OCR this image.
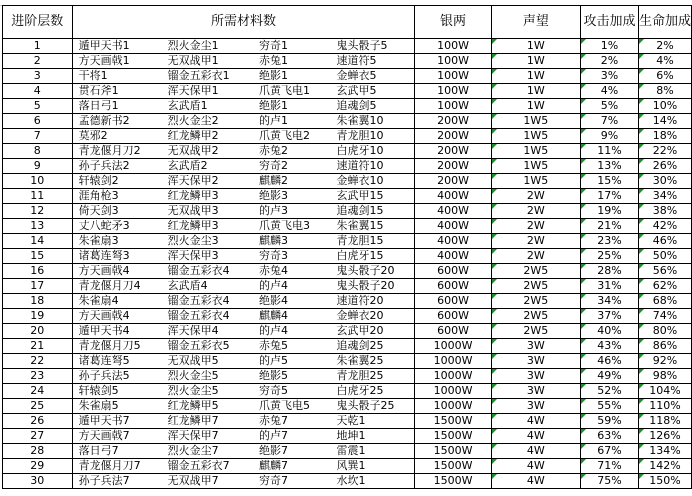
进阶层数	所需材料数				银两	声望	攻击加成	生命加成
1	遁甲天书1	烈火金尘1	穷奇1	鬼头骰子5	100W	1W	1%	2%
2	方天画戟1	无双战甲1	赤兔1	速道符5	100W	1W	2%	4%
3	干将1	镏金五彩衣1	绝影1	金蝉衣5	100W	1W	3%	6%
4	贯石斧1	浑天保甲1	爪黄飞电1	玄武甲5	100W	1W	4%	8%
5	落日弓1	玄武盾1	绝影1	追魂剑5	100W	1W	5%	10%
6	孟德新书2	烈火金尘2	的卢1	朱雀翼10	200W	1W5	7%	14%
7	莫邪2	红龙鳞甲2	爪黄飞电2	青龙胆10	200W	1W5	9%	18%
8	青龙偃月刀2	无双战甲2	赤兔2	白虎牙10	200W	1W5	11%	22%
9	孙子兵法2	玄武盾2	穷奇2	速道符10	200W	1W5	13%	26%
10	轩辕剑2	浑天保甲2	麒麟2	金蝉衣10	200W	1W5	15%	30%
11	涯角枪3	红龙鳞甲3	绝影3	玄武甲15	400W	2W	17%	34%
12	倚天剑3	无双战甲3	的卢3	追魂剑15	400W	2W	19%	38%
13	丈八蛇矛3	红龙鳞甲3	爪黄飞电3	朱雀翼15	400W	2W	21%	42%
14	朱雀扇3	烈火金尘3	麒麟3	青龙胆15	400W	2W	23%	46%
15	诸葛连弩3	浑天保甲3	穷奇3	白虎牙15	400W	2W	25%	50%
16	方天画戟4	镏金五彩衣4	赤兔4	鬼头骰子20	600W	2W5	28%	56%
17	青龙偃月刀4	玄武盾4	的卢4	鬼头骰子20	600W	2W5	31%	62%
18	朱雀扇4	镏金五彩衣4	绝影4	速道符20	600W	2W5	34%	68%
19	方天画戟4	镏金五彩衣4	麒麟4	金蝉衣20	600W	2W5	37%	74%
20	遁甲天书4	浑天保甲4	的卢4	玄武甲20	600W	2W5	40%	80%
21	青龙偃月刀5	镏金五彩衣5	赤兔5	追魂剑25	1000W	3W	43%	86%
22	诸葛连弩5	无双战甲5	的卢5	朱雀翼25	1000W	3W	46%	92%
23	孙子兵法5	烈火金尘5	绝影5	青龙胆25	1000W	3W	49%	98%
24	轩辕剑5	烈火金尘5	穷奇5	白虎牙25	1000W	3W	52%	104%
25	朱雀扇5	红龙鳞甲5	爪黄飞电5	鬼头骰子25	1000W	3W	55%	110%
26	遁甲天书7	红龙鳞甲7	赤兔7	天乾1	1500W	4W	59%	118%
27	方天画戟7	浑天保甲7	的卢7	地坤1	1500W	4W	63%	126%
28	落日弓7	烈火金尘7	绝影7	雷震1	1500W	4W	67%	134%
29	青龙偃月刀7	镏金五彩衣7	麒麟7	风巽1	1500W	4W	71%	142%
30	孙子兵法7	无双战甲7	穷奇7	水坎1	1500W	4W	75%	150%
